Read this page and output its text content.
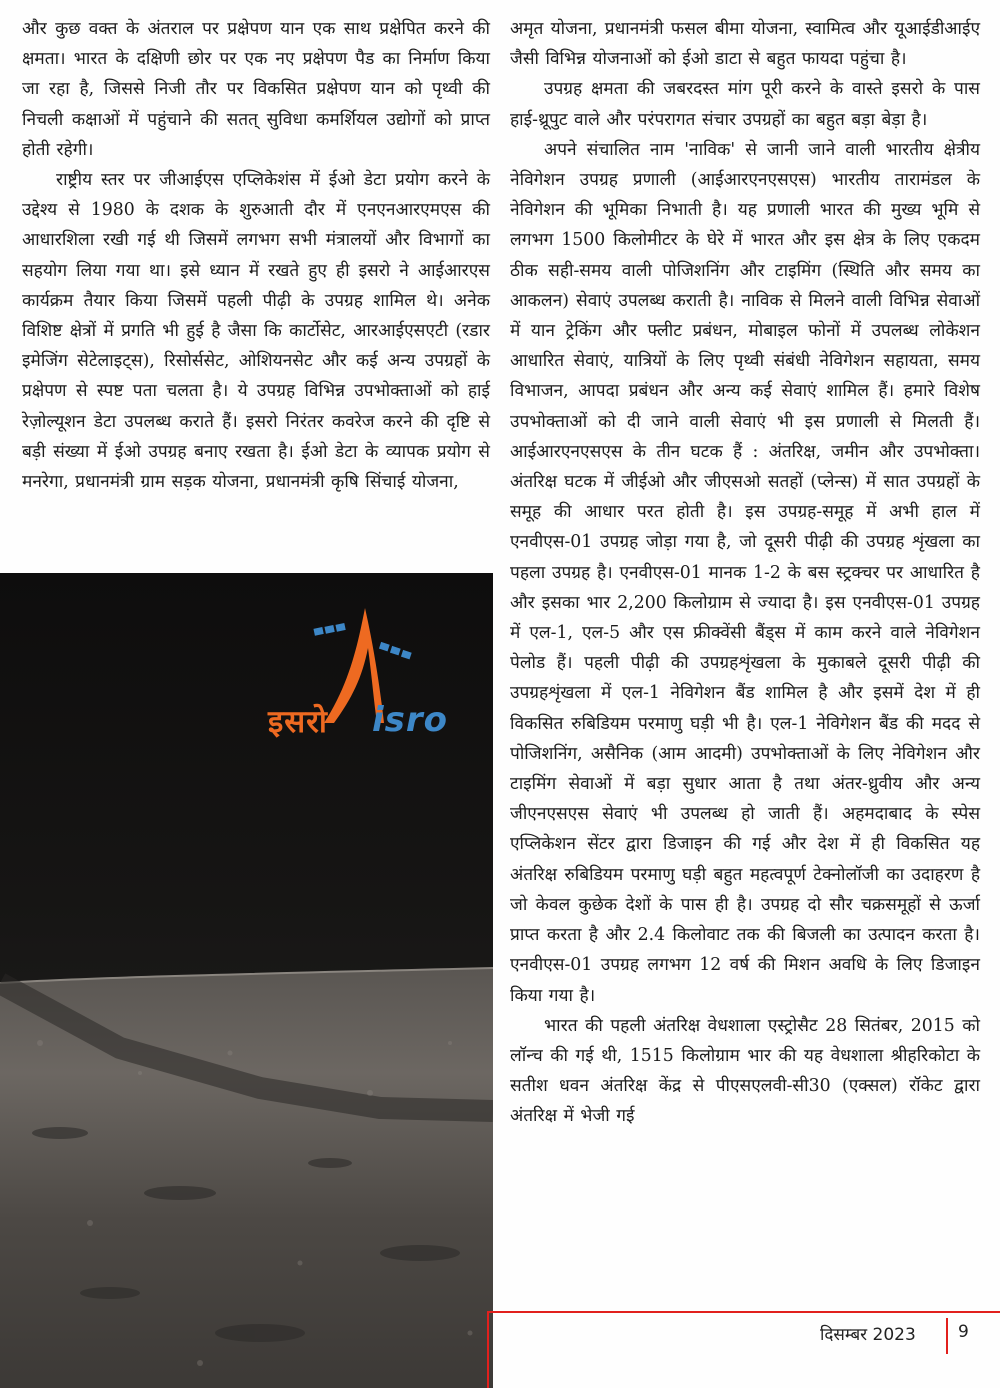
और कुछ वक्त के अंतराल पर प्रक्षेपण यान एक साथ प्रक्षेपित करने की क्षमता। भारत के दक्षिणी छोर पर एक नए प्रक्षेपण पैड का निर्माण किया जा रहा है, जिससे निजी तौर पर विकसित प्रक्षेपण यान को पृथ्वी की निचली कक्षाओं में पहुंचाने की सतत् सुविधा कमर्शियल उद्योगों को प्राप्त होती रहेगी।

राष्ट्रीय स्तर पर जीआईएस एप्लिकेशंस में ईओ डेटा प्रयोग करने के उद्देश्य से 1980 के दशक के शुरुआती दौर में एनएनआरएमएस की आधारशिला रखी गई थी जिसमें लगभग सभी मंत्रालयों और विभागों का सहयोग लिया गया था। इसे ध्यान में रखते हुए ही इसरो ने आईआरएस कार्यक्रम तैयार किया जिसमें पहली पीढ़ी के उपग्रह शामिल थे। अनेक विशिष्ट क्षेत्रों में प्रगति भी हुई है जैसा कि कार्टोसेट, आरआईएसएटी (रडार इमेजिंग सेटेलाइट्स), रिसोर्ससेट, ओशियनसेट और कई अन्य उपग्रहों के प्रक्षेपण से स्पष्ट पता चलता है। ये उपग्रह विभिन्न उपभोक्ताओं को हाई रेज़ोल्यूशन डेटा उपलब्ध कराते हैं। इसरो निरंतर कवरेज करने की दृष्टि से बड़ी संख्या में ईओ उपग्रह बनाए रखता है। ईओ डेटा के व्यापक प्रयोग से मनरेगा, प्रधानमंत्री ग्राम सड़क योजना, प्रधानमंत्री कृषि सिंचाई योजना,

इसरो isro

अमृत योजना, प्रधानमंत्री फसल बीमा योजना, स्वामित्व और यूआईडीआईए जैसी विभिन्न योजनाओं को ईओ डाटा से बहुत फायदा पहुंचा है।

उपग्रह क्षमता की जबरदस्त मांग पूरी करने के वास्ते इसरो के पास हाई-थ्रूपुट वाले और परंपरागत संचार उपग्रहों का बहुत बड़ा बेड़ा है।

अपने संचालित नाम 'नाविक' से जानी जाने वाली भारतीय क्षेत्रीय नेविगेशन उपग्रह प्रणाली (आईआरएनएसएस) भारतीय तारामंडल के नेविगेशन की भूमिका निभाती है। यह प्रणाली भारत की मुख्य भूमि से लगभग 1500 किलोमीटर के घेरे में भारत और इस क्षेत्र के लिए एकदम ठीक सही-समय वाली पोजिशनिंग और टाइमिंग (स्थिति और समय का आकलन) सेवाएं उपलब्ध कराती है। नाविक से मिलने वाली विभिन्न सेवाओं में यान ट्रेकिंग और फ्लीट प्रबंधन, मोबाइल फोनों में उपलब्ध लोकेशन आधारित सेवाएं, यात्रियों के लिए पृथ्वी संबंधी नेविगेशन सहायता, समय विभाजन, आपदा प्रबंधन और अन्य कई सेवाएं शामिल हैं। हमारे विशेष उपभोक्ताओं को दी जाने वाली सेवाएं भी इस प्रणाली से मिलती हैं। आईआरएनएसएस के तीन घटक हैं : अंतरिक्ष, जमीन और उपभोक्ता। अंतरिक्ष घटक में जीईओ और जीएसओ सतहों (प्लेन्स) में सात उपग्रहों के समूह की आधार परत होती है। इस उपग्रह-समूह में अभी हाल में एनवीएस-01 उपग्रह जोड़ा गया है, जो दूसरी पीढ़ी की उपग्रह शृंखला का पहला उपग्रह है। एनवीएस-01 मानक 1-2 के बस स्ट्रक्चर पर आधारित है और इसका भार 2,200 किलोग्राम से ज्यादा है। इस एनवीएस-01 उपग्रह में एल-1, एल-5 और एस फ्रीक्वेंसी बैंड्स में काम करने वाले नेविगेशन पेलोड हैं। पहली पीढ़ी की उपग्रहशृंखला के मुकाबले दूसरी पीढ़ी की उपग्रहशृंखला में एल-1 नेविगेशन बैंड शामिल है और इसमें देश में ही विकसित रुबिडियम परमाणु घड़ी भी है। एल-1 नेविगेशन बैंड की मदद से पोजिशनिंग, असैनिक (आम आदमी) उपभोक्ताओं के लिए नेविगेशन और टाइमिंग सेवाओं में बड़ा सुधार आता है तथा अंतर-ध्रुवीय और अन्य जीएनएसएस सेवाएं भी उपलब्ध हो जाती हैं। अहमदाबाद के स्पेस एप्लिकेशन सेंटर द्वारा डिजाइन की गई और देश में ही विकसित यह अंतरिक्ष रुबिडियम परमाणु घड़ी बहुत महत्वपूर्ण टेक्नोलॉजी का उदाहरण है जो केवल कुछेक देशों के पास ही है। उपग्रह दो सौर चक्रसमूहों से ऊर्जा प्राप्त करता है और 2.4 किलोवाट तक की बिजली का उत्पादन करता है। एनवीएस-01 उपग्रह लगभग 12 वर्ष की मिशन अवधि के लिए डिजाइन किया गया है।

भारत की पहली अंतरिक्ष वेधशाला एस्ट्रोसैट 28 सितंबर, 2015 को लॉन्च की गई थी, 1515 किलोग्राम भार की यह वेधशाला श्रीहरिकोटा के सतीश धवन अंतरिक्ष केंद्र से पीएसएलवी-सी30 (एक्सल) रॉकेट द्वारा अंतरिक्ष में भेजी गई

दिसम्बर 2023 9
